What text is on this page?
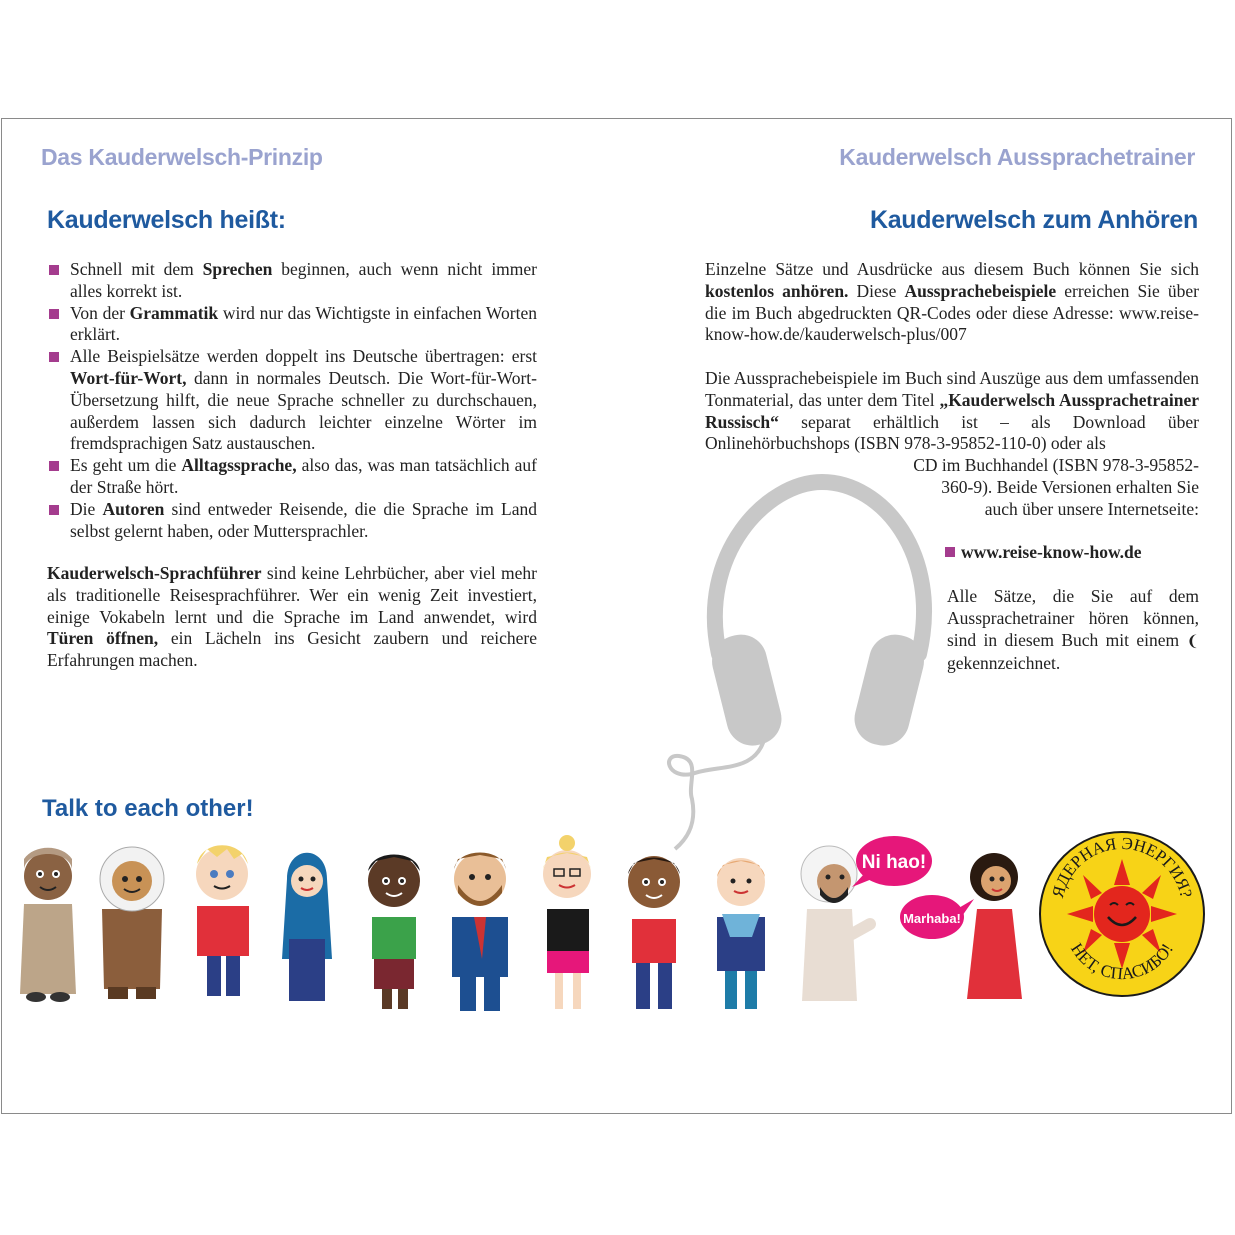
Das Kauderwelsch-Prinzip	Kauderwelsch Aussprachetrainer
Kauderwelsch heißt:	Kauderwelsch zum Anhören
Schnell mit dem Sprechen beginnen, auch wenn nicht immer alles korrekt ist.
Von der Grammatik wird nur das Wichtigste in einfachen Worten erklärt.
Alle Beispielsätze werden doppelt ins Deutsche übertragen: erst Wort-für-Wort, dann in normales Deutsch. Die Wort-für-Wort-Übersetzung hilft, die neue Sprache schneller zu durchschauen, außerdem lassen sich dadurch leichter einzelne Wörter im fremdsprachigen Satz austauschen.
Es geht um die Alltagssprache, also das, was man tatsächlich auf der Straße hört.
Die Autoren sind entweder Reisende, die die Sprache im Land selbst gelernt haben, oder Muttersprachler.

Kauderwelsch-Sprachführer sind keine Lehrbücher, aber viel mehr als traditionelle Reisesprachführer. Wer ein wenig Zeit investiert, einige Vokabeln lernt und die Sprache im Land anwendet, wird Türen öffnen, ein Lächeln ins Gesicht zaubern und reichere Erfahrungen machen.

Einzelne Sätze und Ausdrücke aus diesem Buch können Sie sich kostenlos anhören. Diese Aussprachebeispiele erreichen Sie über die im Buch abgedruckten QR-Codes oder diese Adresse: www.reise-know-how.de/kauderwelsch-plus/007

Die Aussprachebeispiele im Buch sind Auszüge aus dem umfassenden Tonmaterial, das unter dem Titel „Kauderwelsch Aussprachetrainer Russisch“ separat erhältlich ist – als Download über Onlinehörbuchshops (ISBN 978-3-95852-110-0) oder als

CD im Buchhandel (ISBN 978-3-95852-360-9). Beide Versionen erhalten Sie

auch über unsere Internetseite:

www.reise-know-how.de

Alle Sätze, die Sie auf dem Aussprachetrainer hören können, sind in diesem Buch mit einem ❨ gekennzeichnet.

Talk to each other!
Ni hao!
Marhaba!
ЯДЕРНАЯ ЭНЕРГИЯ?
НЕТ, СПАСИБО!
